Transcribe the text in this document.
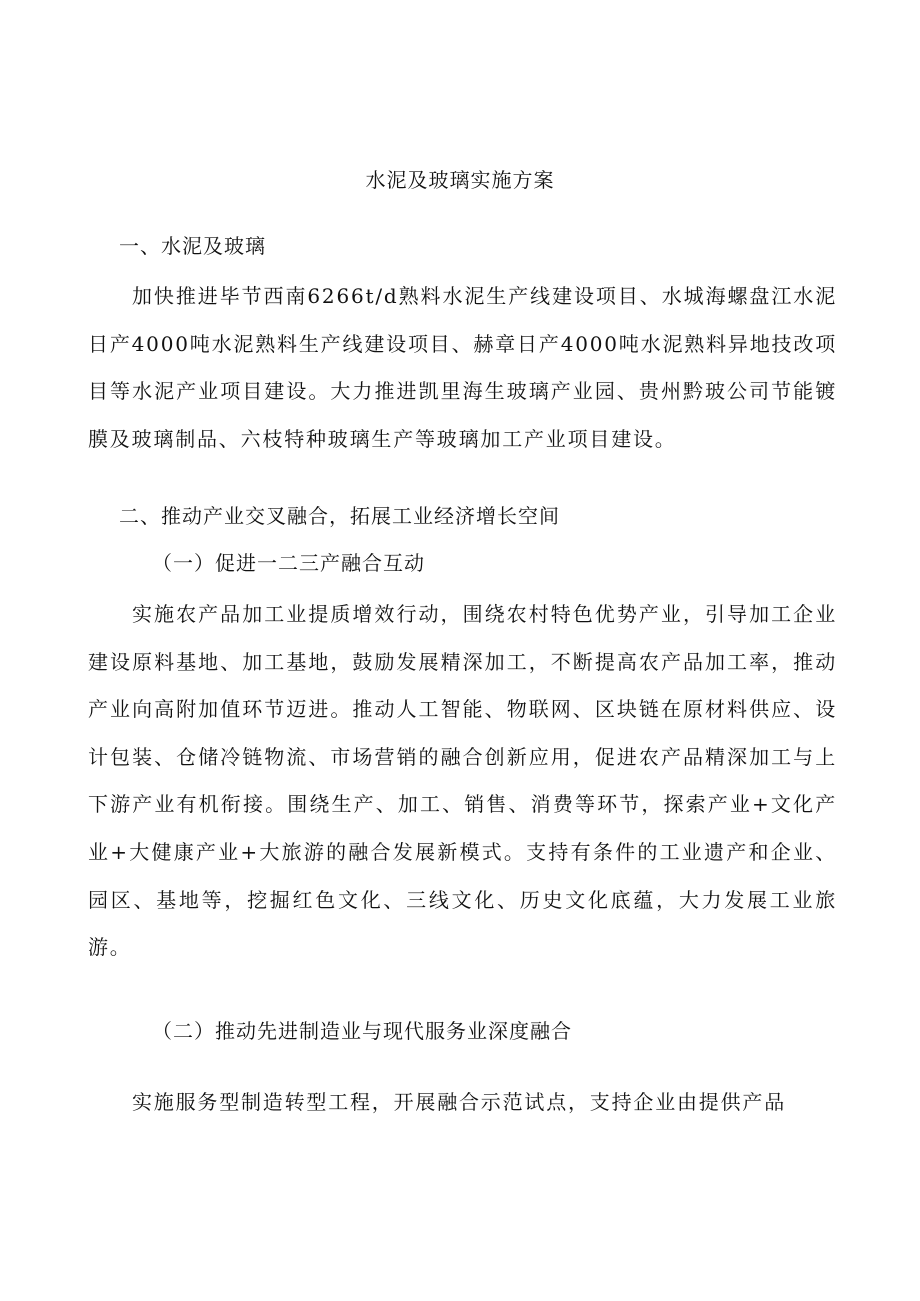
水泥及玻璃实施方案
一、水泥及玻璃

加快推进毕节西南6266t/d熟料水泥生产线建设项目、水城海螺盘江水泥日产4000吨水泥熟料生产线建设项目、赫章日产4000吨水泥熟料异地技改项目等水泥产业项目建设。大力推进凯里海生玻璃产业园、贵州黔玻公司节能镀膜及玻璃制品、六枝特种玻璃生产等玻璃加工产业项目建设。

二、推动产业交叉融合，拓展工业经济增长空间
（一）促进一二三产融合互动

实施农产品加工业提质增效行动，围绕农村特色优势产业，引导加工企业建设原料基地、加工基地，鼓励发展精深加工，不断提高农产品加工率，推动产业向高附加值环节迈进。推动人工智能、物联网、区块链在原材料供应、设计包装、仓储冷链物流、市场营销的融合创新应用，促进农产品精深加工与上下游产业有机衔接。围绕生产、加工、销售、消费等环节，探索产业+文化产业+大健康产业+大旅游的融合发展新模式。支持有条件的工业遗产和企业、园区、基地等，挖掘红色文化、三线文化、历史文化底蕴，大力发展工业旅游。

（二）推动先进制造业与现代服务业深度融合

实施服务型制造转型工程，开展融合示范试点，支持企业由提供产品
